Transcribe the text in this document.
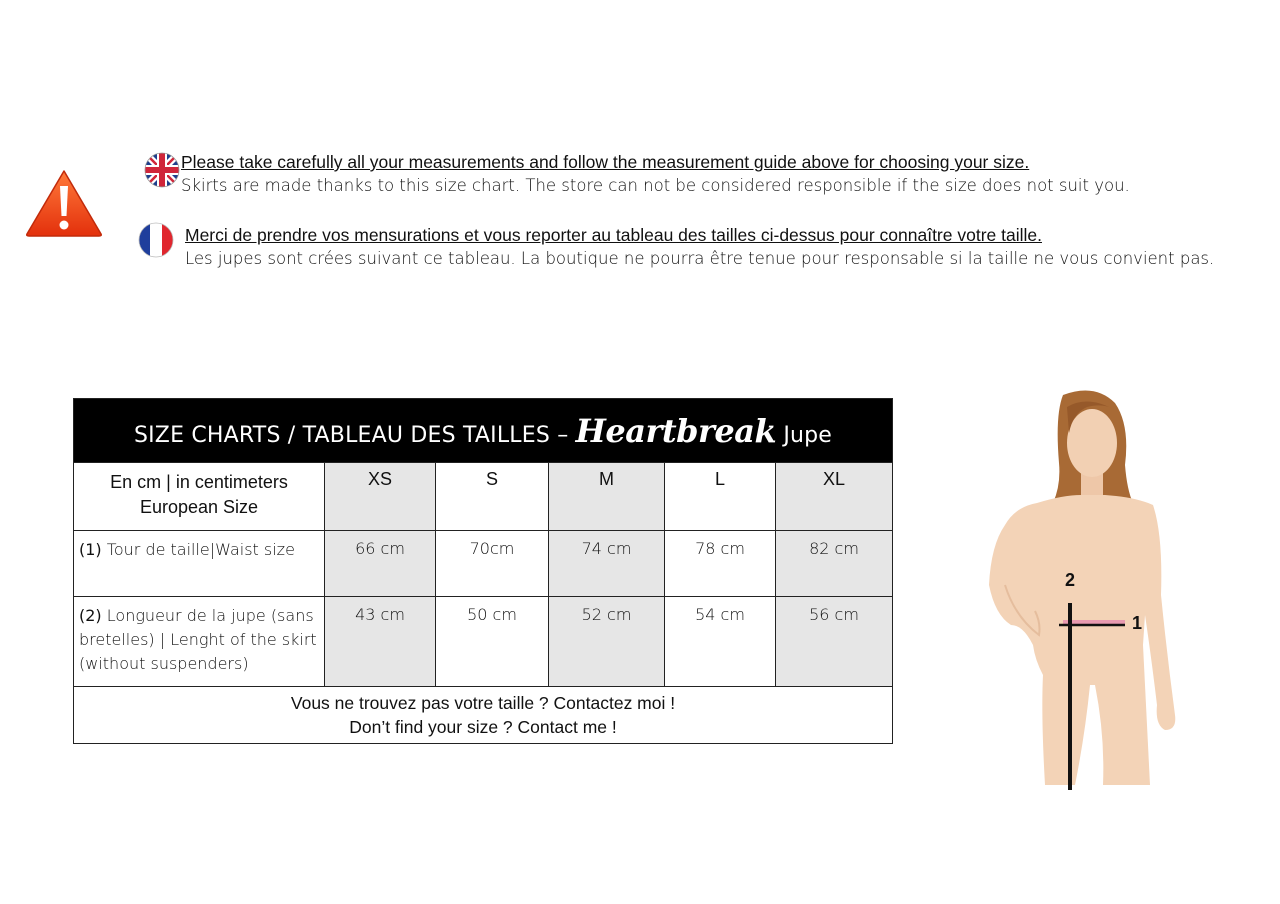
Please take carefully all your measurements and follow the measurement guide above for choosing your size.
Skirts are made thanks to this size chart. The store can not be considered responsible if the size does not suit you.
Merci de prendre vos mensurations et vous reporter au tableau des tailles ci-dessus pour connaître votre taille.
Les jupes sont crées suivant ce tableau. La boutique ne pourra être tenue pour responsable si la taille ne vous convient pas.
SIZE CHARTS / TABLEAU DES TAILLES – Heartbreak Jupe					

En cm | in centimeters
European Size	XS	S	M	L	XL
(1) Tour de taille|Waist size	66 cm	70cm	74 cm	78 cm	82 cm
(2) Longueur de la jupe (sans bretelles) | Lenght of the skirt (without suspenders)	43 cm	50 cm	52 cm	54 cm	56 cm

Vous ne trouvez pas votre taille ? Contactez moi !
Don’t find your size ? Contact me !					
2
1
